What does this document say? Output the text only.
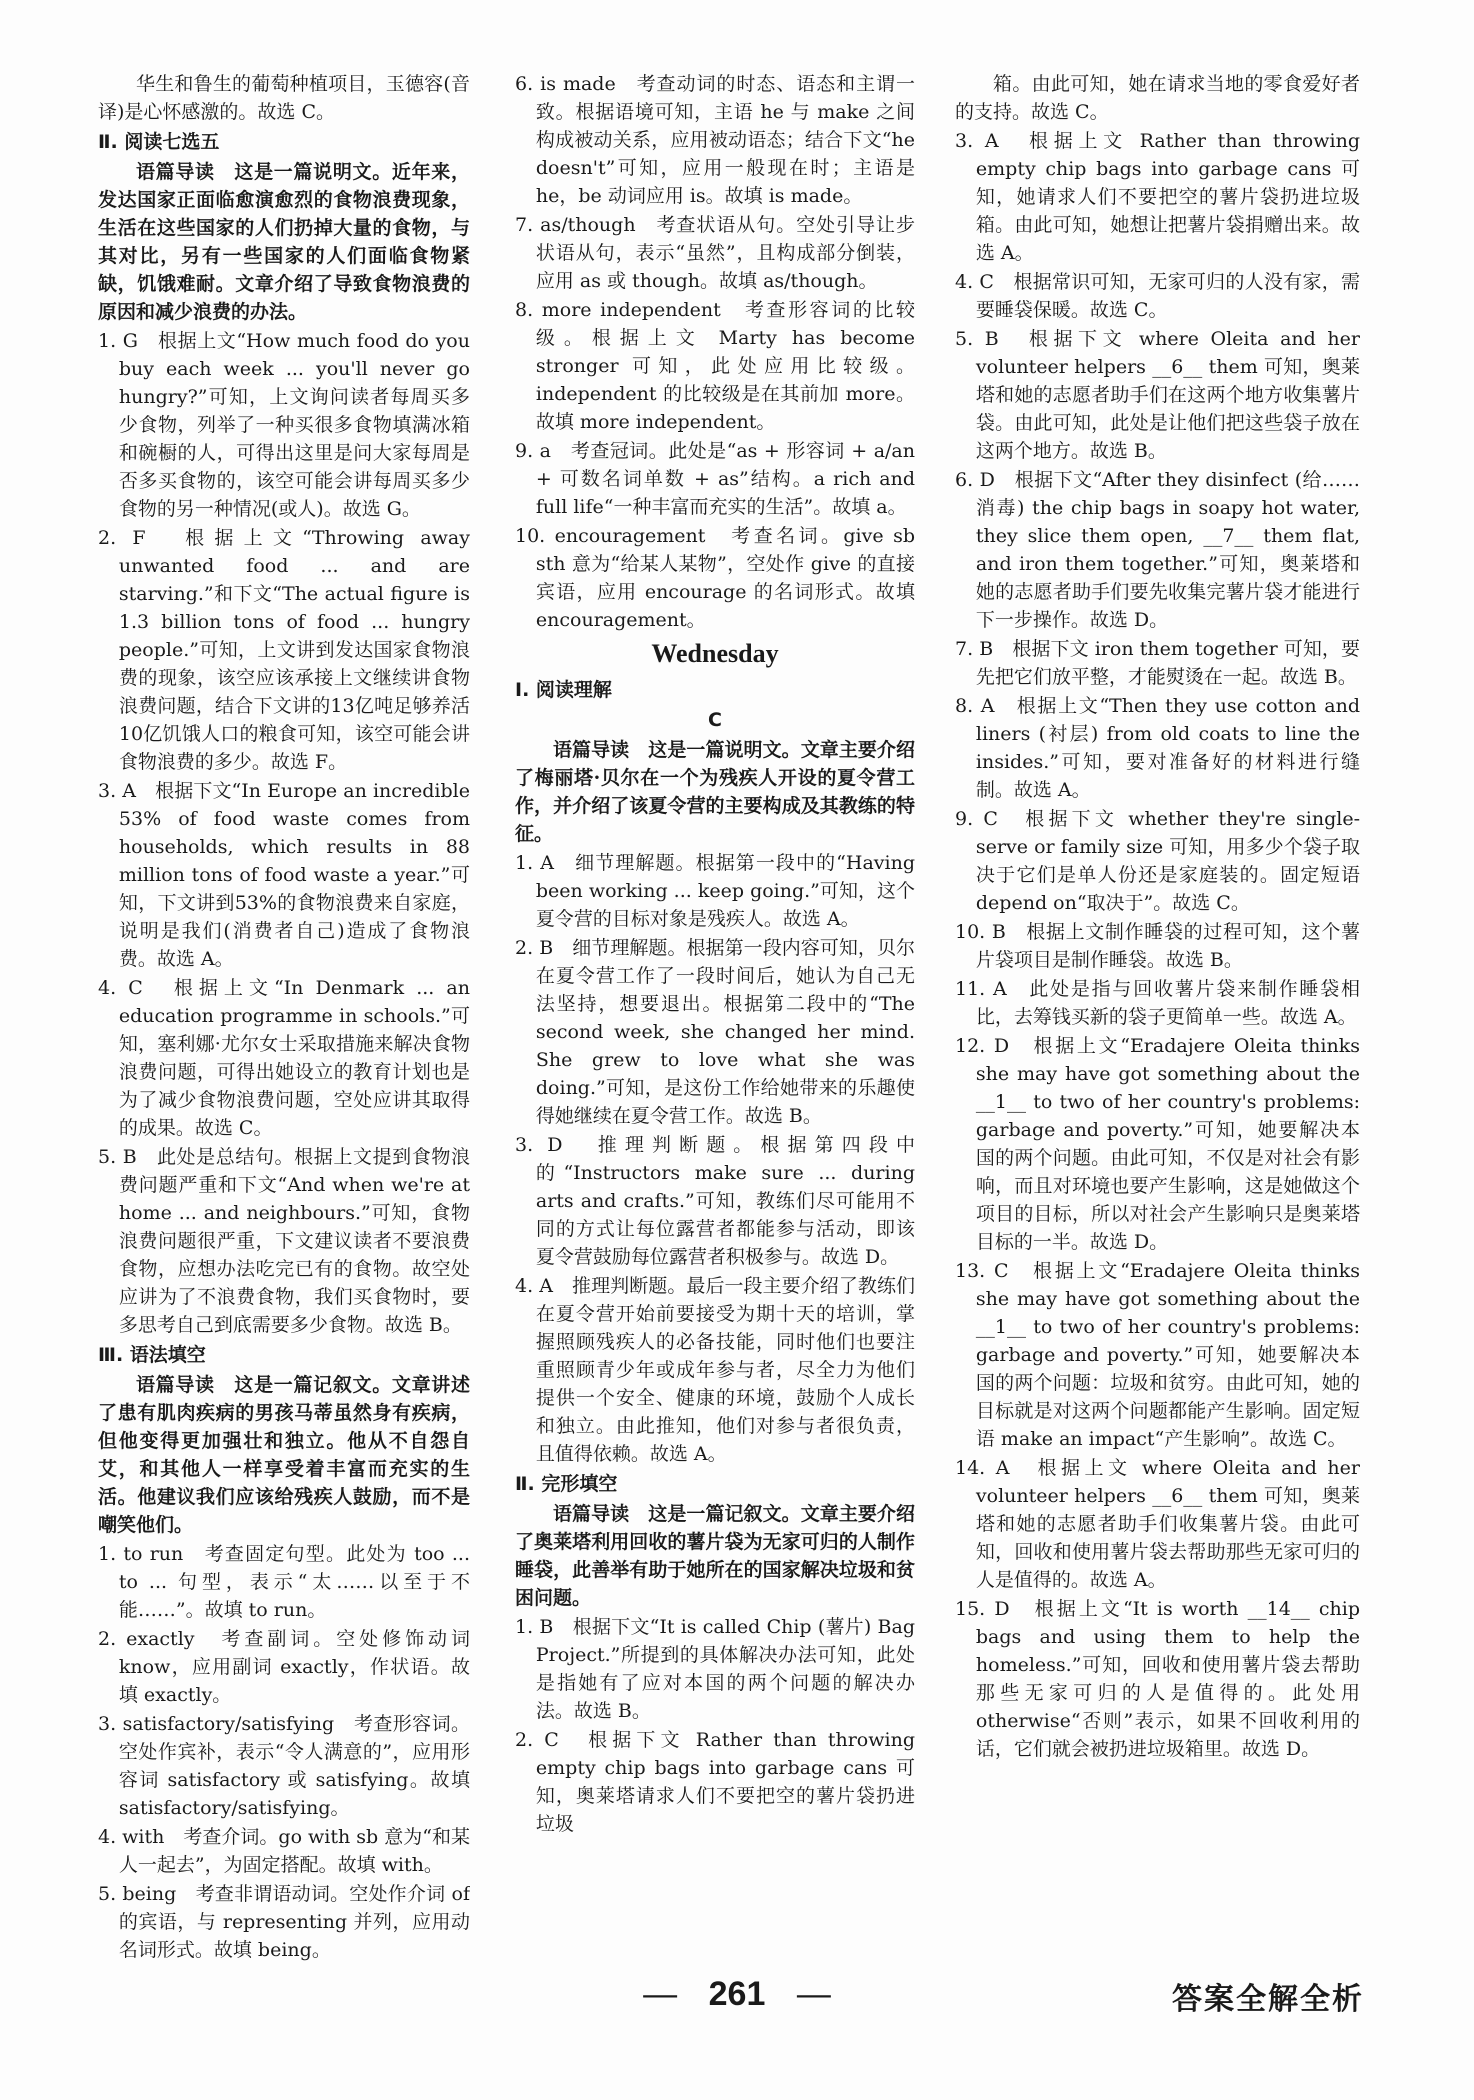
华生和鲁生的葡萄种植项目，玉德容(音译)是心怀感激的。故选 C。
Ⅱ. 阅读七选五
语篇导读　这是一篇说明文。近年来，发达国家正面临愈演愈烈的食物浪费现象，生活在这些国家的人们扔掉大量的食物，与其对比，另有一些国家的人们面临食物紧缺，饥饿难耐。文章介绍了导致食物浪费的原因和减少浪费的办法。
1. G　根据上文“How much food do you buy each week ... you'll never go hungry?”可知，上文询问读者每周买多少食物，列举了一种买很多食物填满冰箱和碗橱的人，可得出这里是问大家每周是否多买食物的，该空可能会讲每周买多少食物的另一种情况(或人)。故选 G。
2. F　根据上文“Throwing away unwanted food ... and are starving.”和下文“The actual figure is 1.3 billion tons of food ... hungry people.”可知，上文讲到发达国家食物浪费的现象，该空应该承接上文继续讲食物浪费问题，结合下文讲的13亿吨足够养活10亿饥饿人口的粮食可知，该空可能会讲食物浪费的多少。故选 F。
3. A　根据下文“In Europe an incredible 53% of food waste comes from households, which results in 88 million tons of food waste a year.”可知，下文讲到53%的食物浪费来自家庭，说明是我们(消费者自己)造成了食物浪费。故选 A。
4. C　根据上文“In Denmark ... an education programme in schools.”可知，塞利娜·尤尔女士采取措施来解决食物浪费问题，可得出她设立的教育计划也是为了减少食物浪费问题，空处应讲其取得的成果。故选 C。
5. B　此处是总结句。根据上文提到食物浪费问题严重和下文“And when we're at home ... and neighbours.”可知，食物浪费问题很严重，下文建议读者不要浪费食物，应想办法吃完已有的食物。故空处应讲为了不浪费食物，我们买食物时，要多思考自己到底需要多少食物。故选 B。
Ⅲ. 语法填空
语篇导读　这是一篇记叙文。文章讲述了患有肌肉疾病的男孩马蒂虽然身有疾病，但他变得更加强壮和独立。他从不自怨自艾，和其他人一样享受着丰富而充实的生活。他建议我们应该给残疾人鼓励，而不是嘲笑他们。
1. to run　考查固定句型。此处为 too ... to ... 句型，表示“太……以至于不能……”。故填 to run。
2. exactly　考查副词。空处修饰动词 know，应用副词 exactly，作状语。故填 exactly。
3. satisfactory/satisfying　考查形容词。空处作宾补，表示“令人满意的”，应用形容词 satisfactory 或 satisfying。故填 satisfactory/satisfying。
4. with　考查介词。go with sb 意为“和某人一起去”，为固定搭配。故填 with。
5. being　考查非谓语动词。空处作介词 of 的宾语，与 representing 并列，应用动名词形式。故填 being。
6. is made　考查动词的时态、语态和主谓一致。根据语境可知，主语 he 与 make 之间构成被动关系，应用被动语态；结合下文“he doesn't”可知，应用一般现在时；主语是 he，be 动词应用 is。故填 is made。
7. as/though　考查状语从句。空处引导让步状语从句，表示“虽然”，且构成部分倒装，应用 as 或 though。故填 as/though。
8. more independent　考查形容词的比较级。根据上文 Marty has become stronger 可知，此处应用比较级。independent 的比较级是在其前加 more。故填 more independent。
9. a　考查冠词。此处是“as + 形容词 + a/an + 可数名词单数 + as”结构。a rich and full life“一种丰富而充实的生活”。故填 a。
10. encouragement　考查名词。give sb sth 意为“给某人某物”，空处作 give 的直接宾语，应用 encourage 的名词形式。故填 encouragement。
Wednesday
Ⅰ. 阅读理解
C
语篇导读　这是一篇说明文。文章主要介绍了梅丽塔·贝尔在一个为残疾人开设的夏令营工作，并介绍了该夏令营的主要构成及其教练的特征。
1. A　细节理解题。根据第一段中的“Having been working ... keep going.”可知，这个夏令营的目标对象是残疾人。故选 A。
2. B　细节理解题。根据第一段内容可知，贝尔在夏令营工作了一段时间后，她认为自己无法坚持，想要退出。根据第二段中的“The second week, she changed her mind. She grew to love what she was doing.”可知，是这份工作给她带来的乐趣使得她继续在夏令营工作。故选 B。
3. D　推理判断题。根据第四段中的“Instructors make sure ... during arts and crafts.”可知，教练们尽可能用不同的方式让每位露营者都能参与活动，即该夏令营鼓励每位露营者积极参与。故选 D。
4. A　推理判断题。最后一段主要介绍了教练们在夏令营开始前要接受为期十天的培训，掌握照顾残疾人的必备技能，同时他们也要注重照顾青少年或成年参与者，尽全力为他们提供一个安全、健康的环境，鼓励个人成长和独立。由此推知，他们对参与者很负责，且值得依赖。故选 A。
Ⅱ. 完形填空
语篇导读　这是一篇记叙文。文章主要介绍了奥莱塔利用回收的薯片袋为无家可归的人制作睡袋，此善举有助于她所在的国家解决垃圾和贫困问题。
1. B　根据下文“It is called Chip (薯片) Bag Project.”所提到的具体解决办法可知，此处是指她有了应对本国的两个问题的解决办法。故选 B。
2. C　根据下文 Rather than throwing empty chip bags into garbage cans 可知，奥莱塔请求人们不要把空的薯片袋扔进垃圾
箱。由此可知，她在请求当地的零食爱好者的支持。故选 C。
3. A　根据上文 Rather than throwing empty chip bags into garbage cans 可知，她请求人们不要把空的薯片袋扔进垃圾箱。由此可知，她想让把薯片袋捐赠出来。故选 A。
4. C　根据常识可知，无家可归的人没有家，需要睡袋保暖。故选 C。
5. B　根据下文 where Oleita and her volunteer helpers __6__ them 可知，奥莱塔和她的志愿者助手们在这两个地方收集薯片袋。由此可知，此处是让他们把这些袋子放在这两个地方。故选 B。
6. D　根据下文“After they disinfect (给……消毒) the chip bags in soapy hot water, they slice them open, __7__ them flat, and iron them together.”可知，奥莱塔和她的志愿者助手们要先收集完薯片袋才能进行下一步操作。故选 D。
7. B　根据下文 iron them together 可知，要先把它们放平整，才能熨烫在一起。故选 B。
8. A　根据上文“Then they use cotton and liners (衬层) from old coats to line the insides.”可知，要对准备好的材料进行缝制。故选 A。
9. C　根据下文 whether they're single-serve or family size 可知，用多少个袋子取决于它们是单人份还是家庭装的。固定短语 depend on“取决于”。故选 C。
10. B　根据上文制作睡袋的过程可知，这个薯片袋项目是制作睡袋。故选 B。
11. A　此处是指与回收薯片袋来制作睡袋相比，去筹钱买新的袋子更简单一些。故选 A。
12. D　根据上文“Eradajere Oleita thinks she may have got something about the __1__ to two of her country's problems: garbage and poverty.”可知，她要解决本国的两个问题。由此可知，不仅是对社会有影响，而且对环境也要产生影响，这是她做这个项目的目标，所以对社会产生影响只是奥莱塔目标的一半。故选 D。
13. C　根据上文“Eradajere Oleita thinks she may have got something about the __1__ to two of her country's problems: garbage and poverty.”可知，她要解决本国的两个问题：垃圾和贫穷。由此可知，她的目标就是对这两个问题都能产生影响。固定短语 make an impact“产生影响”。故选 C。
14. A　根据上文 where Oleita and her volunteer helpers __6__ them 可知，奥莱塔和她的志愿者助手们收集薯片袋。由此可知，回收和使用薯片袋去帮助那些无家可归的人是值得的。故选 A。
15. D　根据上文“It is worth __14__ chip bags and using them to help the homeless.”可知，回收和使用薯片袋去帮助那些无家可归的人是值得的。此处用 otherwise“否则”表示，如果不回收利用的话，它们就会被扔进垃圾箱里。故选 D。
— 261 —	答案全解全析
